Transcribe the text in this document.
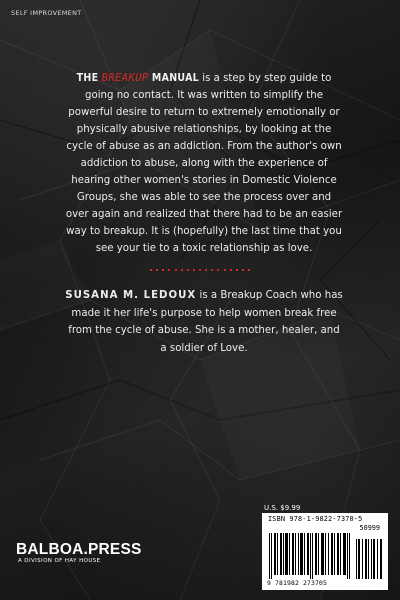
SELF IMPROVEMENT

THE BREAKUP MANUAL is a step by step guide to going no contact. It was written to simplify the powerful desire to return to extremely emotionally or physically abusive relationships, by looking at the cycle of abuse as an addiction. From the author's own addiction to abuse, along with the experience of hearing other women's stories in Domestic Violence Groups, she was able to see the process over and over again and realized that there had to be an easier way to breakup. It is (hopefully) the last time that you see your tie to a toxic relationship as love.

SUSANA M. LEDOUX is a Breakup Coach who has made it her life's purpose to help women break free from the cycle of abuse. She is a mother, healer, and a soldier of Love.

BALBOA.PRESS
A DIVISION OF HAY HOUSE
U.S. $9.99
ISBN 978-1-9822-7370-5
50999
9 781982 273705
